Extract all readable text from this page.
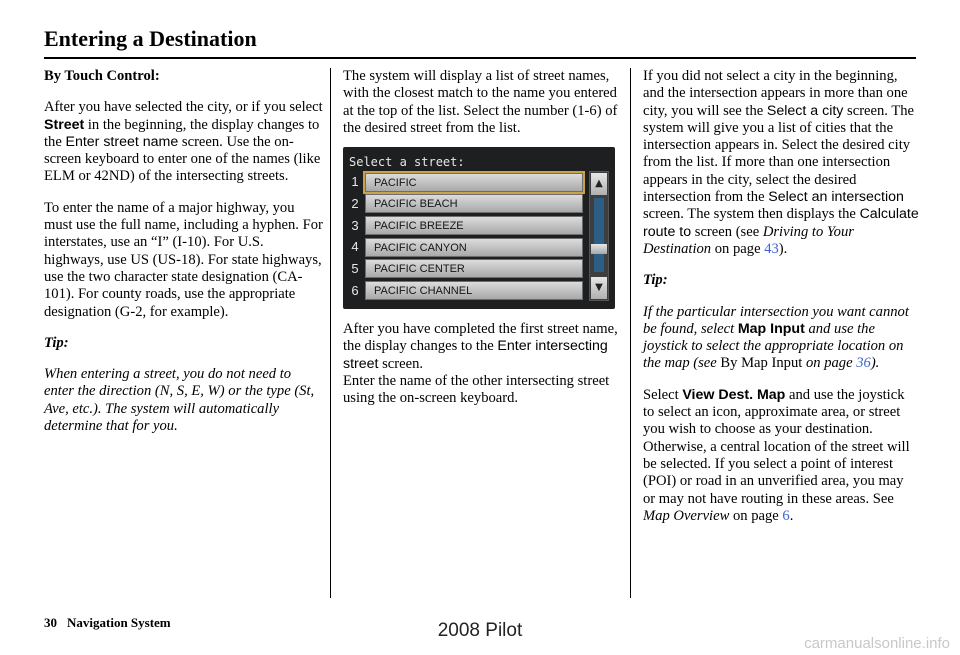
Entering a Destination

By Touch Control:

After you have selected the city, or if you select Street in the beginning, the display changes to the Enter street name screen. Use the on-screen keyboard to enter one of the names (like ELM or 42ND) of the intersecting streets.

To enter the name of a major highway, you must use the full name, including a hyphen. For interstates, use an “I” (I-10). For U.S. highways, use US (US-18). For state highways, use the two character state designation (CA-101). For county roads, use the appropriate designation (G-2, for example).

Tip:

When entering a street, you do not need to enter the direction (N, S, E, W) or the type (St, Ave, etc.). The system will automatically determine that for you.

The system will display a list of street names, with the closest match to the name you entered at the top of the list. Select the number (1-6) of the desired street from the list.

Select a street:
1	PACIFIC
2	PACIFIC BEACH
3	PACIFIC BREEZE
4	PACIFIC CANYON
5	PACIFIC CENTER
6	PACIFIC CHANNEL
▲
▼

After you have completed the first street name, the display changes to the Enter intersecting street screen.

Enter the name of the other intersecting street using the on-screen keyboard.

If you did not select a city in the beginning, and the intersection appears in more than one city, you will see the Select a city screen. The system will give you a list of cities that the intersection appears in. Select the desired city from the list. If more than one intersection appears in the city, select the desired intersection from the Select an intersection screen. The system then displays the Calculate route to screen (see Driving to Your Destination on page 43).

Tip:

If the particular intersection you want cannot be found, select Map Input and use the joystick to select the appropriate location on the map (see By Map Input on page 36).

Select View Dest. Map and use the joystick to select an icon, approximate area, or street you wish to choose as your destination. Otherwise, a central location of the street will be selected. If you select a point of interest (POI) or road in an unverified area, you may or may not have routing in these areas. See Map Overview on page 6.

30 Navigation System	2008 Pilot
carmanualsonline.info
